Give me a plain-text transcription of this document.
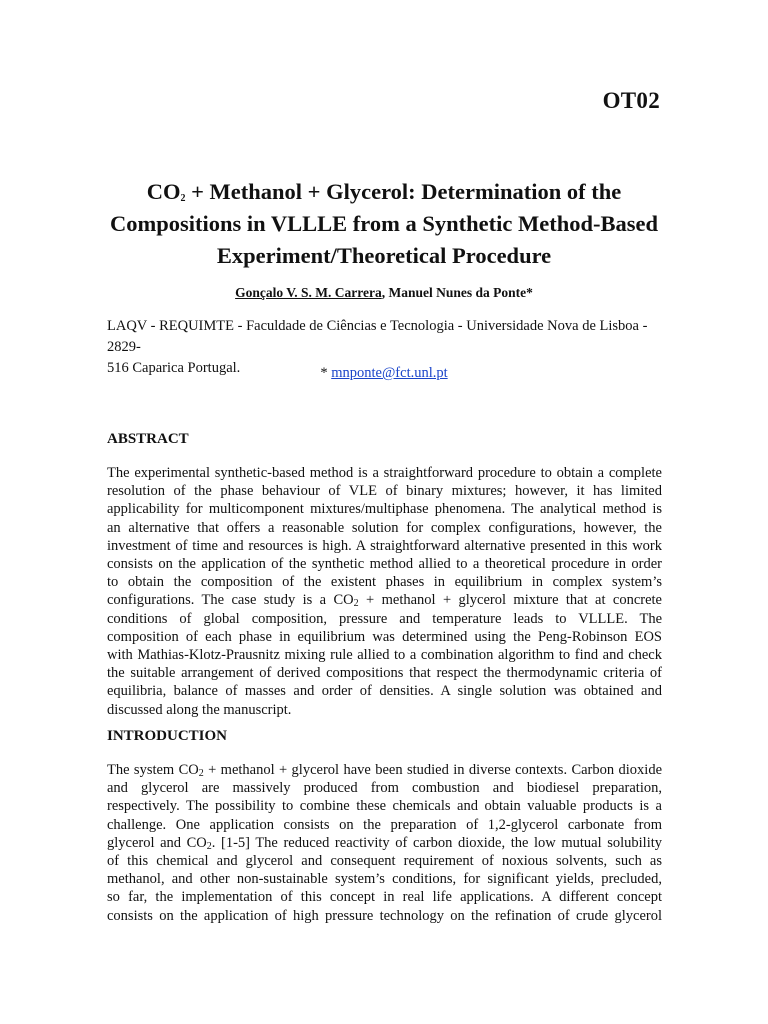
OT02
$CO_2$ + Methanol + Glycerol: Determination of the
Compositions in VLLLE from a Synthetic Method-Based
Experiment/Theoretical Procedure
Gonçalo V. S. M. Carrera, Manuel Nunes da Ponte*
LAQV - REQUIMTE - Faculdade de Ciências e Tecnologia - Universidade Nova de Lisboa - 2829-
516 Caparica Portugal.	* mnponte@fct.unl.pt
ABSTRACT
The experimental synthetic-based method is a straightforward procedure to obtain a complete
resolution of the phase behaviour of VLE of binary mixtures; however, it has limited
applicability for multicomponent mixtures/multiphase phenomena. The analytical method is
an alternative that offers a reasonable solution for complex configurations, however, the
investment of time and resources is high. A straightforward alternative presented in this work
consists on the application of the synthetic method allied to a theoretical procedure in order
to obtain the composition of the existent phases in equilibrium in complex system’s
configurations. The case study is a $CO_2$ + methanol + glycerol mixture that at concrete
conditions of global composition, pressure and temperature leads to VLLLE. The
composition of each phase in equilibrium was determined using the Peng-Robinson EOS
with Mathias-Klotz-Prausnitz mixing rule allied to a combination algorithm to find and check
the suitable arrangement of derived compositions that respect the thermodynamic criteria of
equilibria, balance of masses and order of densities. A single solution was obtained and
discussed along the manuscript.
INTRODUCTION
The system $CO_2$ + methanol + glycerol have been studied in diverse contexts. Carbon dioxide
and glycerol are massively produced from combustion and biodiesel preparation,
respectively. The possibility to combine these chemicals and obtain valuable products is a
challenge. One application consists on the preparation of 1,2-glycerol carbonate from
glycerol and $CO_2$. [1-5] The reduced reactivity of carbon dioxide, the low mutual solubility
of this chemical and glycerol and consequent requirement of noxious solvents, such as
methanol, and other non-sustainable system’s conditions, for significant yields, precluded,
so far, the implementation of this concept in real life applications. A different concept
consists on the application of high pressure technology on the refination of crude glycerol
